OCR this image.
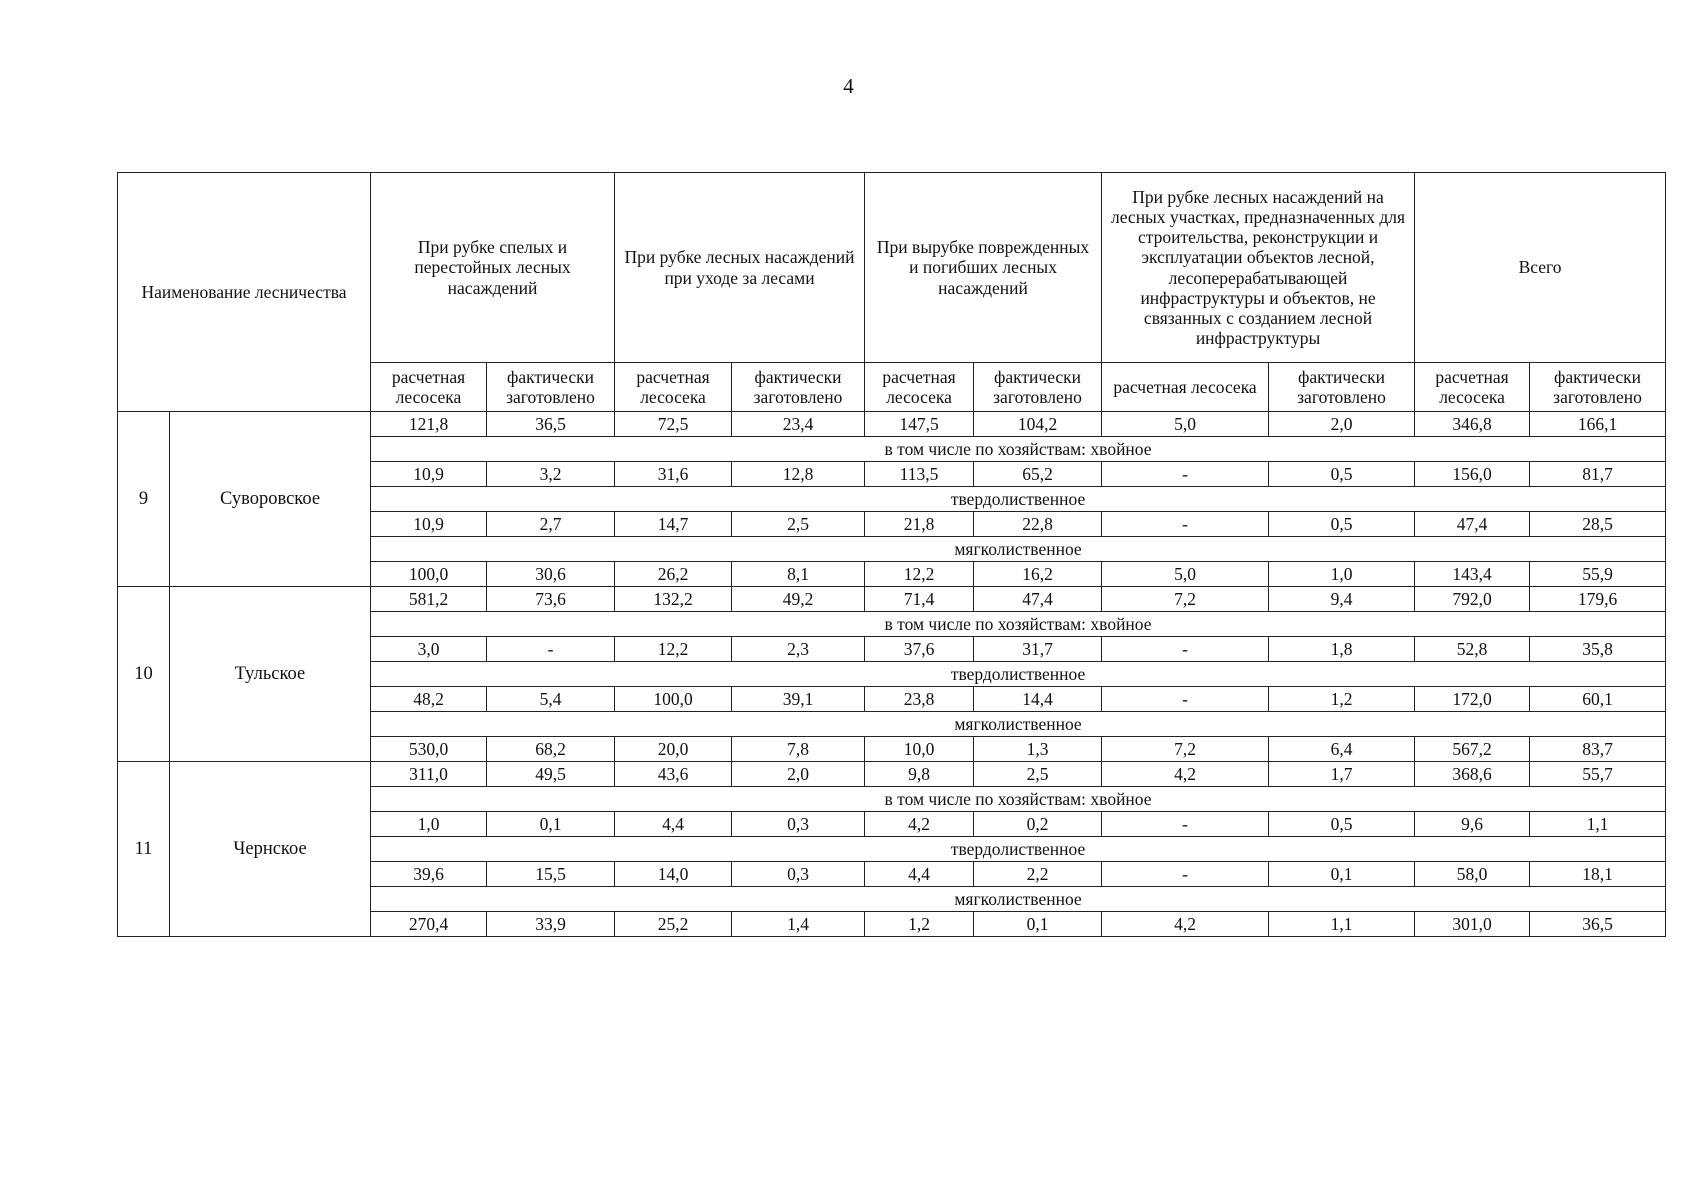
4
Наименование лесничества		При рубке спелых и перестойных лесных насаждений		При рубке лесных насаждений при уходе за лесами		При вырубке поврежденных и погибших лесных насаждений		При рубке лесных насаждений на лесных участках, предназначенных для строительства, реконструкции и эксплуатации объектов лесной, лесоперерабатывающей инфраструктуры и объектов, не связанных с созданием лесной инфраструктуры		Всего	
		расчетная лесосека	фактически заготовлено	расчетная лесосека	фактически заготовлено	расчетная лесосека	фактически заготовлено	расчетная лесосека	фактически заготовлено	расчетная лесосека	фактически заготовлено
9	Суворовское	121,8	36,5	72,5	23,4	147,5	104,2	5,0	2,0	346,8	166,1
		в том числе по хозяйствам: хвойное									
		10,9	3,2	31,6	12,8	113,5	65,2	-	0,5	156,0	81,7
		твердолиственное									
		10,9	2,7	14,7	2,5	21,8	22,8	-	0,5	47,4	28,5
		мягколиственное									
		100,0	30,6	26,2	8,1	12,2	16,2	5,0	1,0	143,4	55,9
10	Тульское	581,2	73,6	132,2	49,2	71,4	47,4	7,2	9,4	792,0	179,6
		в том числе по хозяйствам: хвойное									
		3,0	-	12,2	2,3	37,6	31,7	-	1,8	52,8	35,8
		твердолиственное									
		48,2	5,4	100,0	39,1	23,8	14,4	-	1,2	172,0	60,1
		мягколиственное									
		530,0	68,2	20,0	7,8	10,0	1,3	7,2	6,4	567,2	83,7
11	Чернское	311,0	49,5	43,6	2,0	9,8	2,5	4,2	1,7	368,6	55,7
		в том числе по хозяйствам: хвойное									
		1,0	0,1	4,4	0,3	4,2	0,2	-	0,5	9,6	1,1
		твердолиственное									
		39,6	15,5	14,0	0,3	4,4	2,2	-	0,1	58,0	18,1
		мягколиственное									
		270,4	33,9	25,2	1,4	1,2	0,1	4,2	1,1	301,0	36,5
